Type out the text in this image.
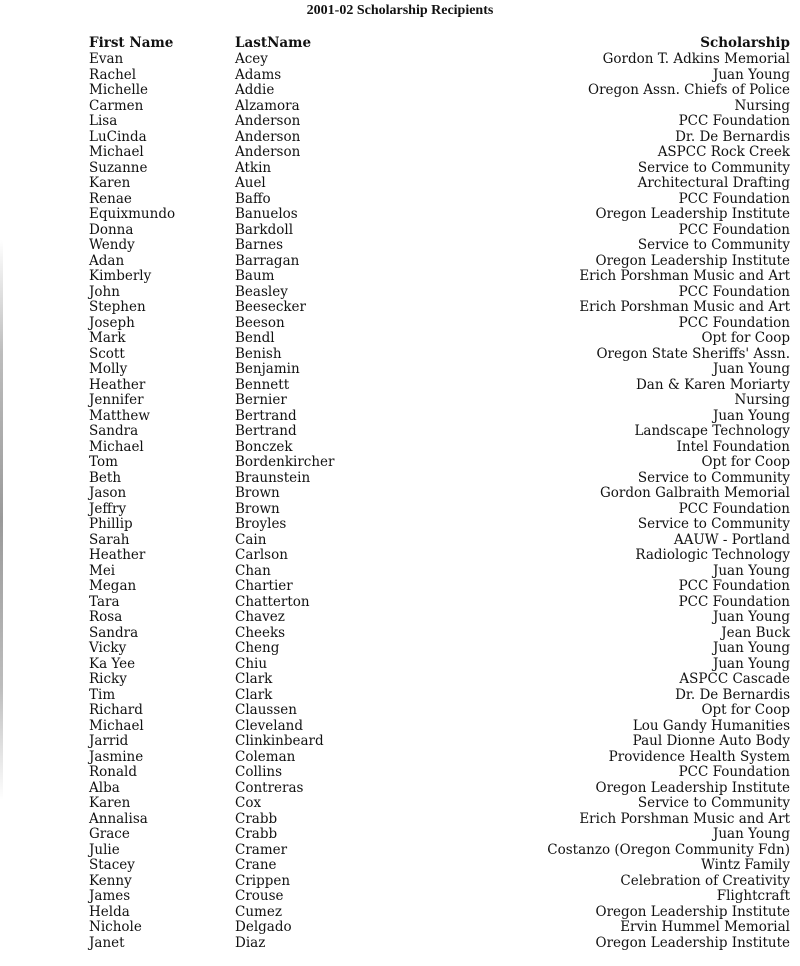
2001-02 Scholarship Recipients
First Name	LastName	Scholarship
Evan	Acey	Gordon T. Adkins Memorial
Rachel	Adams	Juan Young
Michelle	Addie	Oregon Assn. Chiefs of Police
Carmen	Alzamora	Nursing
Lisa	Anderson	PCC Foundation
LuCinda	Anderson	Dr. De Bernardis
Michael	Anderson	ASPCC Rock Creek
Suzanne	Atkin	Service to Community
Karen	Auel	Architectural Drafting
Renae	Baffo	PCC Foundation
Equixmundo	Banuelos	Oregon Leadership Institute
Donna	Barkdoll	PCC Foundation
Wendy	Barnes	Service to Community
Adan	Barragan	Oregon Leadership Institute
Kimberly	Baum	Erich Porshman Music and Art
John	Beasley	PCC Foundation
Stephen	Beesecker	Erich Porshman Music and Art
Joseph	Beeson	PCC Foundation
Mark	Bendl	Opt for Coop
Scott	Benish	Oregon State Sheriffs' Assn.
Molly	Benjamin	Juan Young
Heather	Bennett	Dan & Karen Moriarty
Jennifer	Bernier	Nursing
Matthew	Bertrand	Juan Young
Sandra	Bertrand	Landscape Technology
Michael	Bonczek	Intel Foundation
Tom	Bordenkircher	Opt for Coop
Beth	Braunstein	Service to Community
Jason	Brown	Gordon Galbraith Memorial
Jeffry	Brown	PCC Foundation
Phillip	Broyles	Service to Community
Sarah	Cain	AAUW - Portland
Heather	Carlson	Radiologic Technology
Mei	Chan	Juan Young
Megan	Chartier	PCC Foundation
Tara	Chatterton	PCC Foundation
Rosa	Chavez	Juan Young
Sandra	Cheeks	Jean Buck
Vicky	Cheng	Juan Young
Ka Yee	Chiu	Juan Young
Ricky	Clark	ASPCC Cascade
Tim	Clark	Dr. De Bernardis
Richard	Claussen	Opt for Coop
Michael	Cleveland	Lou Gandy Humanities
Jarrid	Clinkinbeard	Paul Dionne Auto Body
Jasmine	Coleman	Providence Health System
Ronald	Collins	PCC Foundation
Alba	Contreras	Oregon Leadership Institute
Karen	Cox	Service to Community
Annalisa	Crabb	Erich Porshman Music and Art
Grace	Crabb	Juan Young
Julie	Cramer	Costanzo (Oregon Community Fdn)
Stacey	Crane	Wintz Family
Kenny	Crippen	Celebration of Creativity
James	Crouse	Flightcraft
Helda	Cumez	Oregon Leadership Institute
Nichole	Delgado	Ervin Hummel Memorial
Janet	Diaz	Oregon Leadership Institute
